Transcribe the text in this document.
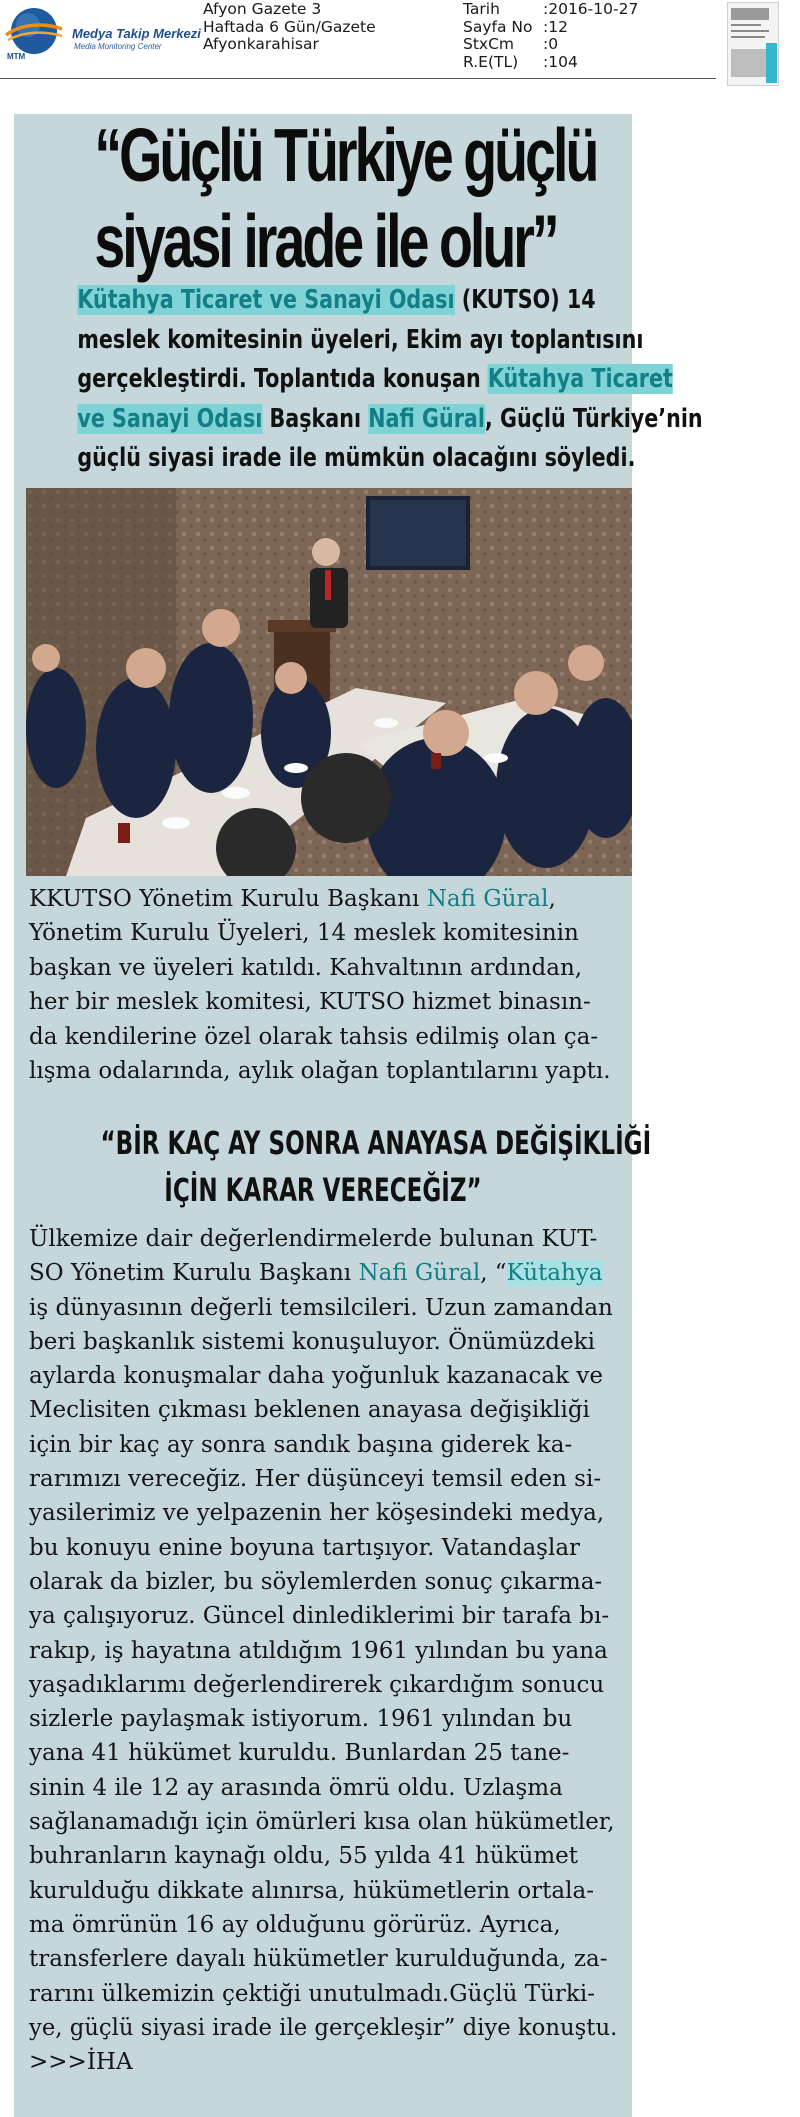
MTM
Medya Takip Merkezi
Media Monitoring Center
Afyon Gazete 3
Haftada 6 Gün/Gazete
Afyonkarahisar
Tarih
Sayfa No
StxCm
R.E(TL)
:2016-10-27
:12
:0
:104
“Güçlü Türkiye güçlü
siyasi irade ile olur”
Kütahya Ticaret ve Sanayi Odası (KUTSO) 14
meslek komitesinin üyeleri, Ekim ayı toplantısını
gerçekleştirdi. Toplantıda konuşan Kütahya Ticaret
ve Sanayi Odası Başkanı Nafi Güral, Güçlü Türkiye’nin
güçlü siyasi irade ile mümkün olacağını söyledi.
KKUTSO Yönetim Kurulu Başkanı Nafi Güral,
Yönetim Kurulu Üyeleri, 14 meslek komitesinin
başkan ve üyeleri katıldı. Kahvaltının ardından,
her bir meslek komitesi, KUTSO hizmet binasın-
da kendilerine özel olarak tahsis edilmiş olan ça-
lışma odalarında, aylık olağan toplantılarını yaptı.
“BİR KAÇ AY SONRA ANAYASA DEĞİŞİKLİĞİ
İÇİN KARAR VERECEĞİZ”
Ülkemize dair değerlendirmelerde bulunan KUT-
SO Yönetim Kurulu Başkanı Nafi Güral, “Kütahya
iş dünyasının değerli temsilcileri. Uzun zamandan
beri başkanlık sistemi konuşuluyor. Önümüzdeki
aylarda konuşmalar daha yoğunluk kazanacak ve
Meclisiten çıkması beklenen anayasa değişikliği
için bir kaç ay sonra sandık başına giderek ka-
rarımızı vereceğiz. Her düşünceyi temsil eden si-
yasilerimiz ve yelpazenin her köşesindeki medya,
bu konuyu enine boyuna tartışıyor. Vatandaşlar
olarak da bizler, bu söylemlerden sonuç çıkarma-
ya çalışıyoruz. Güncel dinlediklerimi bir tarafa bı-
rakıp, iş hayatına atıldığım 1961 yılından bu yana
yaşadıklarımı değerlendirerek çıkardığım sonucu
sizlerle paylaşmak istiyorum. 1961 yılından bu
yana 41 hükümet kuruldu. Bunlardan 25 tane-
sinin 4 ile 12 ay arasında ömrü oldu. Uzlaşma
sağlanamadığı için ömürleri kısa olan hükümetler,
buhranların kaynağı oldu, 55 yılda 41 hükümet
kurulduğu dikkate alınırsa, hükümetlerin ortala-
ma ömrünün 16 ay olduğunu görürüz. Ayrıca,
transferlere dayalı hükümetler kurulduğunda, za-
rarını ülkemizin çektiği unutulmadı.Güçlü Türki-
ye, güçlü siyasi irade ile gerçekleşir” diye konuştu.
>>>İHA
